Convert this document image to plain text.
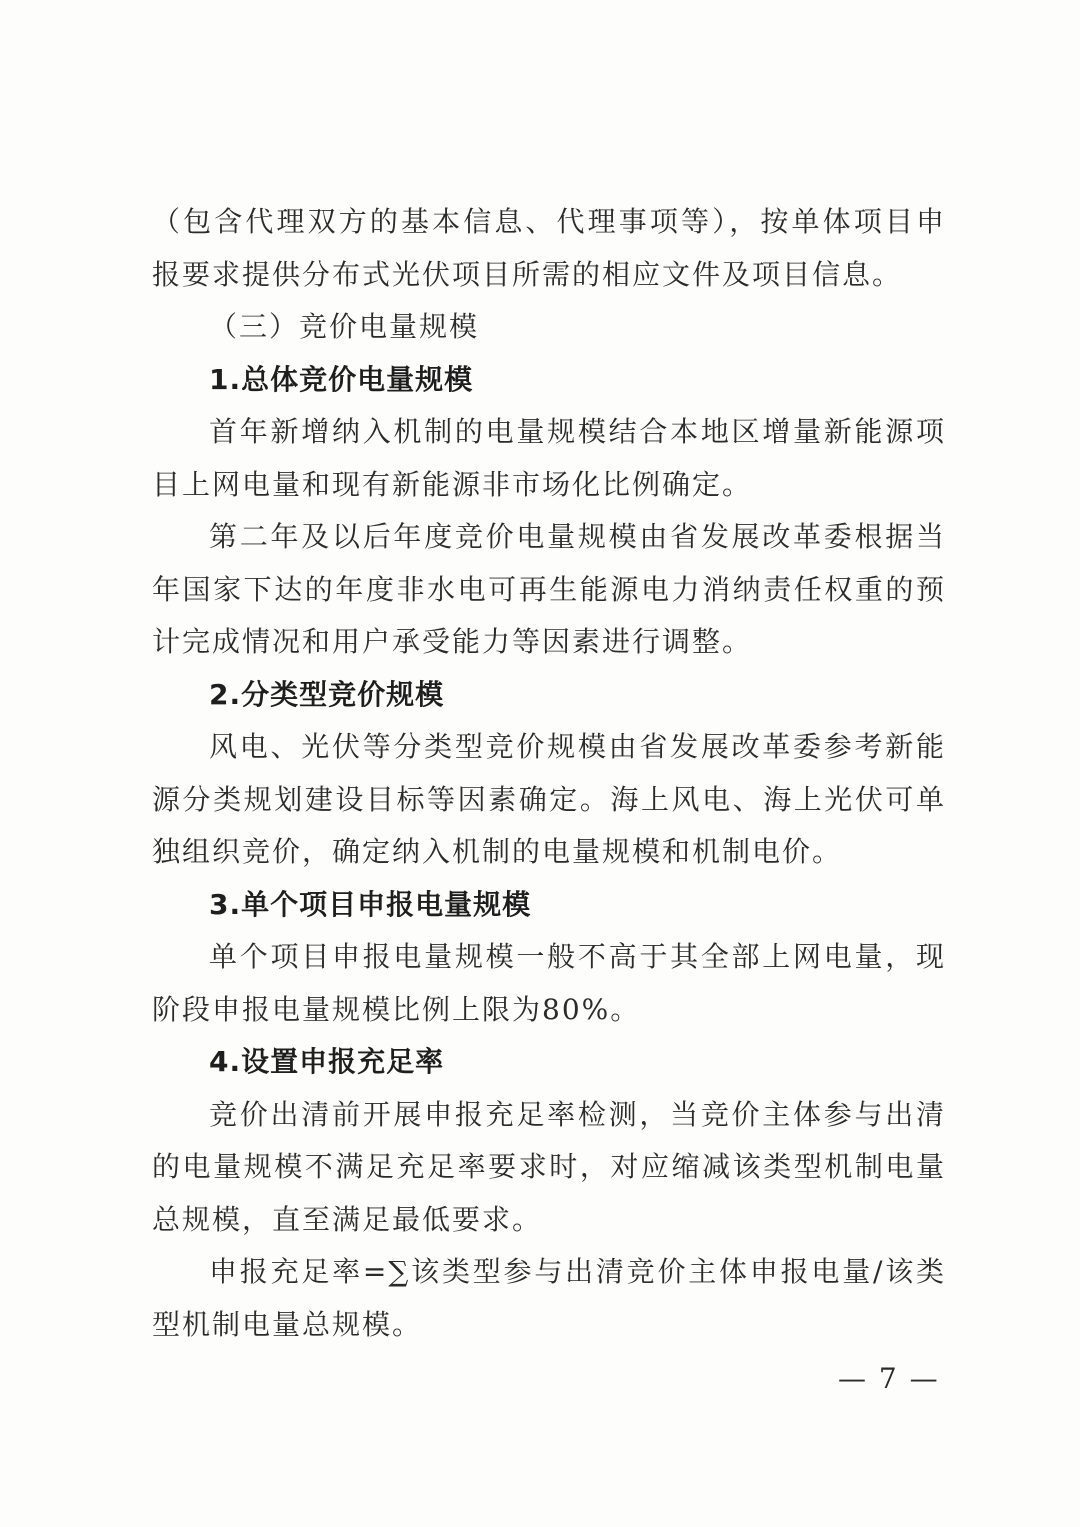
（包含代理双方的基本信息、代理事项等），按单体项目申报要求提供分布式光伏项目所需的相应文件及项目信息。

（三）竞价电量规模

1.总体竞价电量规模

首年新增纳入机制的电量规模结合本地区增量新能源项目上网电量和现有新能源非市场化比例确定。

第二年及以后年度竞价电量规模由省发展改革委根据当年国家下达的年度非水电可再生能源电力消纳责任权重的预计完成情况和用户承受能力等因素进行调整。

2.分类型竞价规模

风电、光伏等分类型竞价规模由省发展改革委参考新能源分类规划建设目标等因素确定。海上风电、海上光伏可单独组织竞价，确定纳入机制的电量规模和机制电价。

3.单个项目申报电量规模

单个项目申报电量规模一般不高于其全部上网电量，现阶段申报电量规模比例上限为80%。

4.设置申报充足率

竞价出清前开展申报充足率检测，当竞价主体参与出清的电量规模不满足充足率要求时，对应缩减该类型机制电量总规模，直至满足最低要求。

申报充足率=∑该类型参与出清竞价主体申报电量/该类型机制电量总规模。

— 7 —
